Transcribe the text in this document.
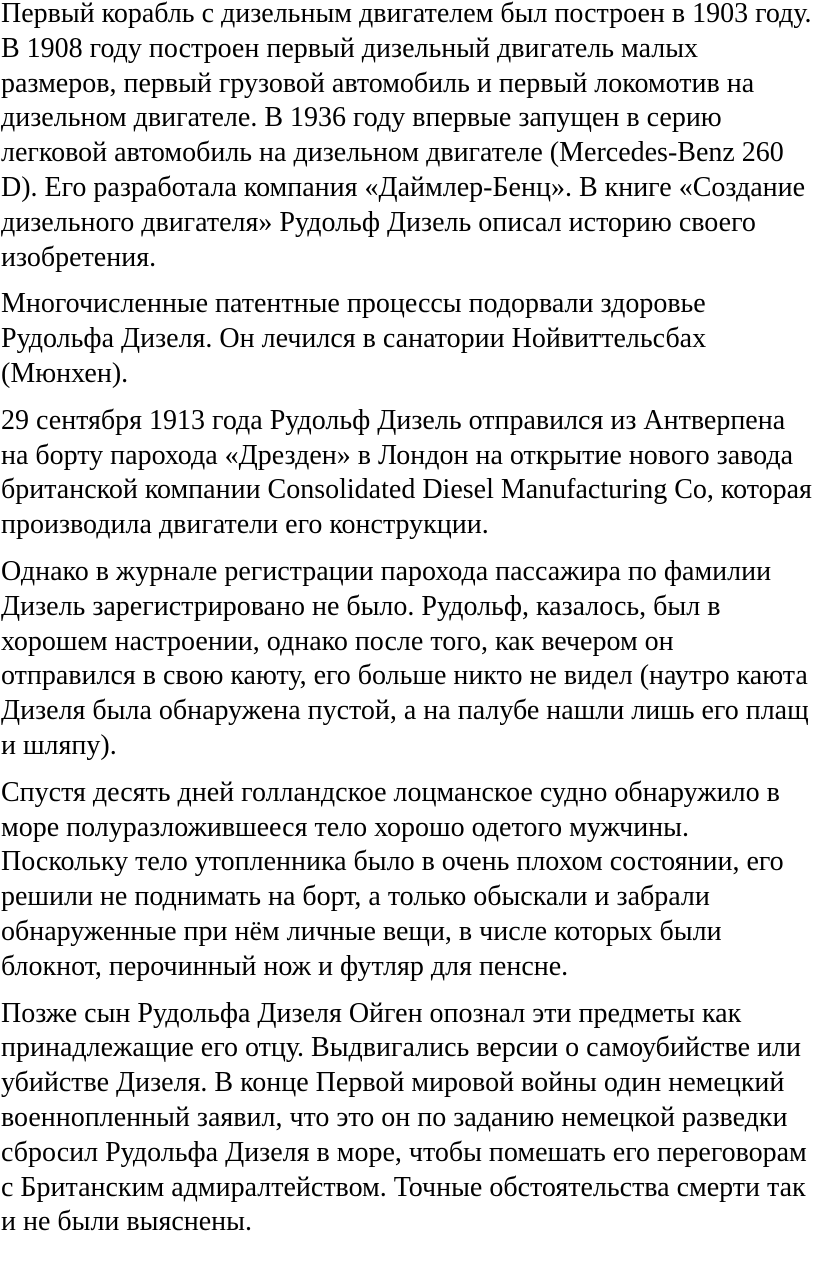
Первый корабль с дизельным двигателем был построен в 1903 году.
В 1908 году построен первый дизельный двигатель малых
размеров, первый грузовой автомобиль и первый локомотив на
дизельном двигателе. В 1936 году впервые запущен в серию
легковой автомобиль на дизельном двигателе (Mercedes-Benz 260
D). Его разработала компания «Даймлер-Бенц». В книге «Создание
дизельного двигателя» Рудольф Дизель описал историю своего
изобретения.

Многочисленные патентные процессы подорвали здоровье
Рудольфа Дизеля. Он лечился в санатории Нойвиттельсбах
(Мюнхен).

29 сентября 1913 года Рудольф Дизель отправился из Антверпена
на борту парохода «Дрезден» в Лондон на открытие нового завода
британской компании Consolidated Diesel Manufacturing Co, которая
производила двигатели его конструкции.

Однако в журнале регистрации парохода пассажира по фамилии
Дизель зарегистрировано не было. Рудольф, казалось, был в
хорошем настроении, однако после того, как вечером он
отправился в свою каюту, его больше никто не видел (наутро каюта
Дизеля была обнаружена пустой, а на палубе нашли лишь его плащ
и шляпу).

Спустя десять дней голландское лоцманское судно обнаружило в
море полуразложившееся тело хорошо одетого мужчины.
Поскольку тело утопленника было в очень плохом состоянии, его
решили не поднимать на борт, а только обыскали и забрали
обнаруженные при нём личные вещи, в числе которых были
блокнот, перочинный нож и футляр для пенсне.

Позже сын Рудольфа Дизеля Ойген опознал эти предметы как
принадлежащие его отцу. Выдвигались версии о самоубийстве или
убийстве Дизеля. В конце Первой мировой войны один немецкий
военнопленный заявил, что это он по заданию немецкой разведки
сбросил Рудольфа Дизеля в море, чтобы помешать его переговорам
с Британским адмиралтейством. Точные обстоятельства смерти так
и не были выяснены.
